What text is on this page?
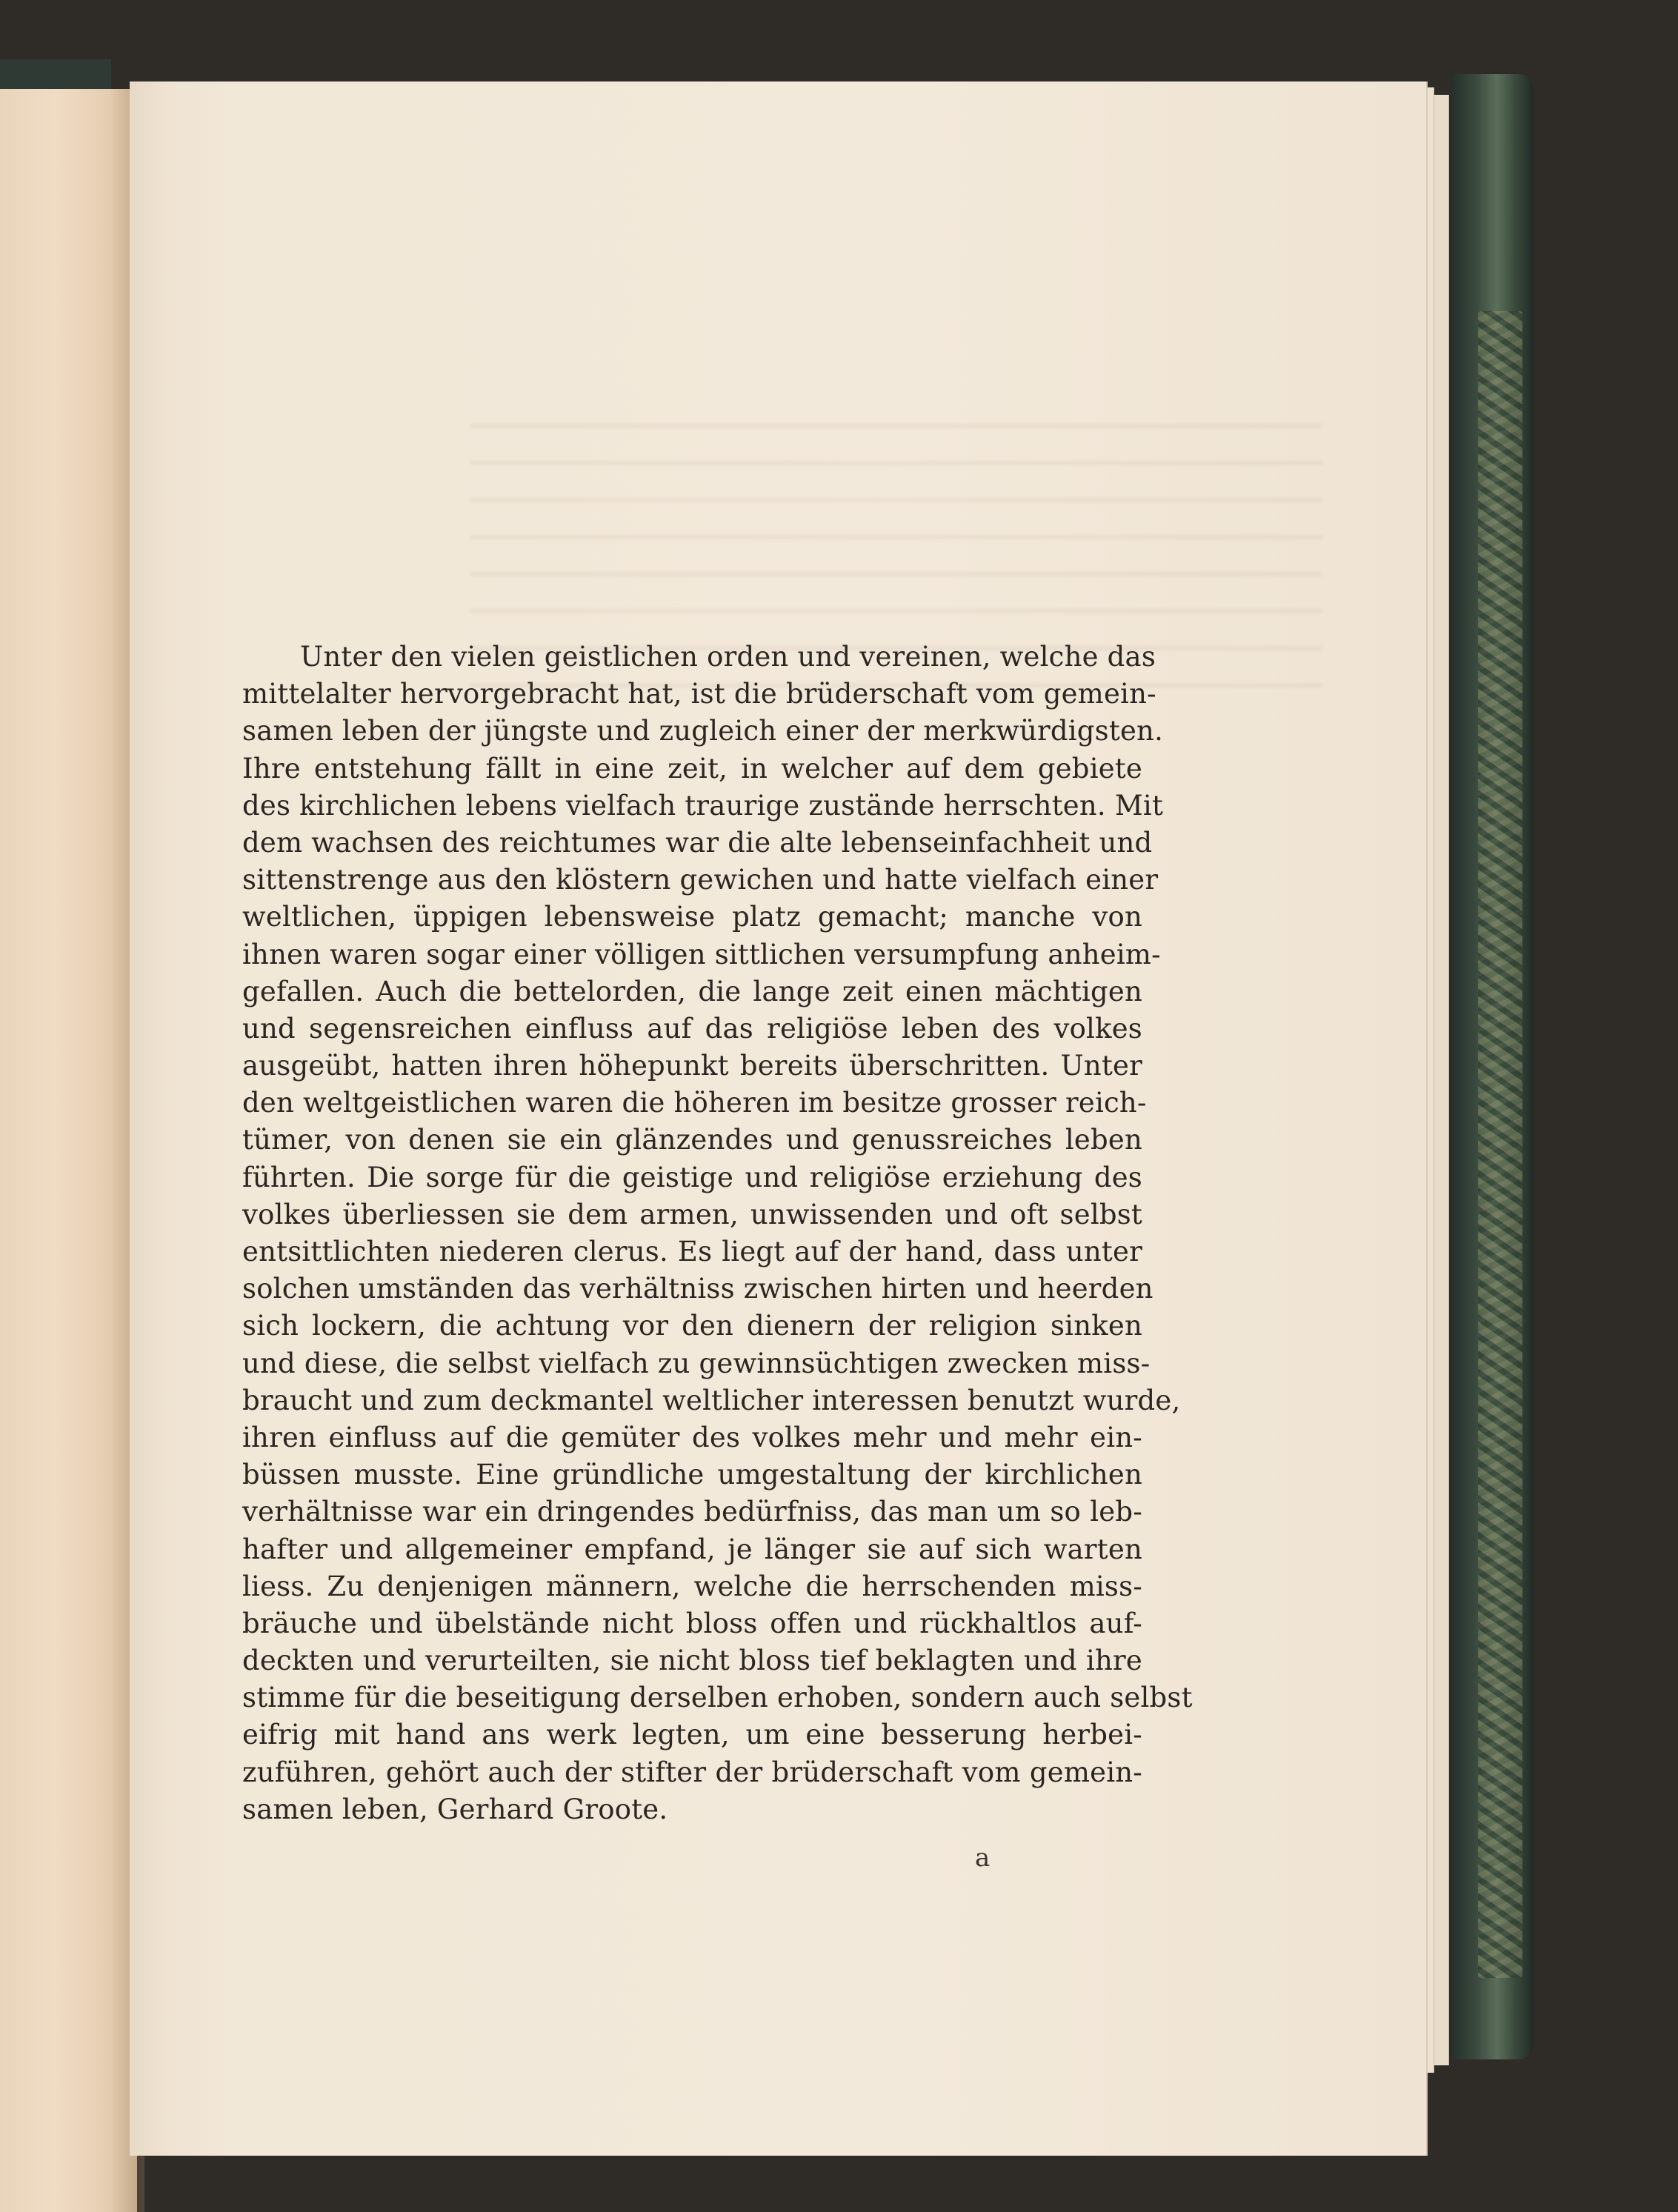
Unter den vielen geistlichen orden und vereinen, welche das
mittelalter hervorgebracht hat, ist die brüderschaft vom gemein-
samen leben der jüngste und zugleich einer der merkwürdigsten.
Ihre entstehung fällt in eine zeit, in welcher auf dem gebiete
des kirchlichen lebens vielfach traurige zustände herrschten. Mit
dem wachsen des reichtumes war die alte lebenseinfachheit und
sittenstrenge aus den klöstern gewichen und hatte vielfach einer
weltlichen, üppigen lebensweise platz gemacht; manche von
ihnen waren sogar einer völligen sittlichen versumpfung anheim-
gefallen. Auch die bettelorden, die lange zeit einen mächtigen
und segensreichen einfluss auf das religiöse leben des volkes
ausgeübt, hatten ihren höhepunkt bereits überschritten. Unter
den weltgeistlichen waren die höheren im besitze grosser reich-
tümer, von denen sie ein glänzendes und genussreiches leben
führten. Die sorge für die geistige und religiöse erziehung des
volkes überliessen sie dem armen, unwissenden und oft selbst
entsittlichten niederen clerus. Es liegt auf der hand, dass unter
solchen umständen das verhältniss zwischen hirten und heerden
sich lockern, die achtung vor den dienern der religion sinken
und diese, die selbst vielfach zu gewinnsüchtigen zwecken miss-
braucht und zum deckmantel weltlicher interessen benutzt wurde,
ihren einfluss auf die gemüter des volkes mehr und mehr ein-
büssen musste. Eine gründliche umgestaltung der kirchlichen
verhältnisse war ein dringendes bedürfniss, das man um so leb-
hafter und allgemeiner empfand, je länger sie auf sich warten
liess. Zu denjenigen männern, welche die herrschenden miss-
bräuche und übelstände nicht bloss offen und rückhaltlos auf-
deckten und verurteilten, sie nicht bloss tief beklagten und ihre
stimme für die beseitigung derselben erhoben, sondern auch selbst
eifrig mit hand ans werk legten, um eine besserung herbei-
zuführen, gehört auch der stifter der brüderschaft vom gemein-
samen leben, Gerhard Groote.
a
